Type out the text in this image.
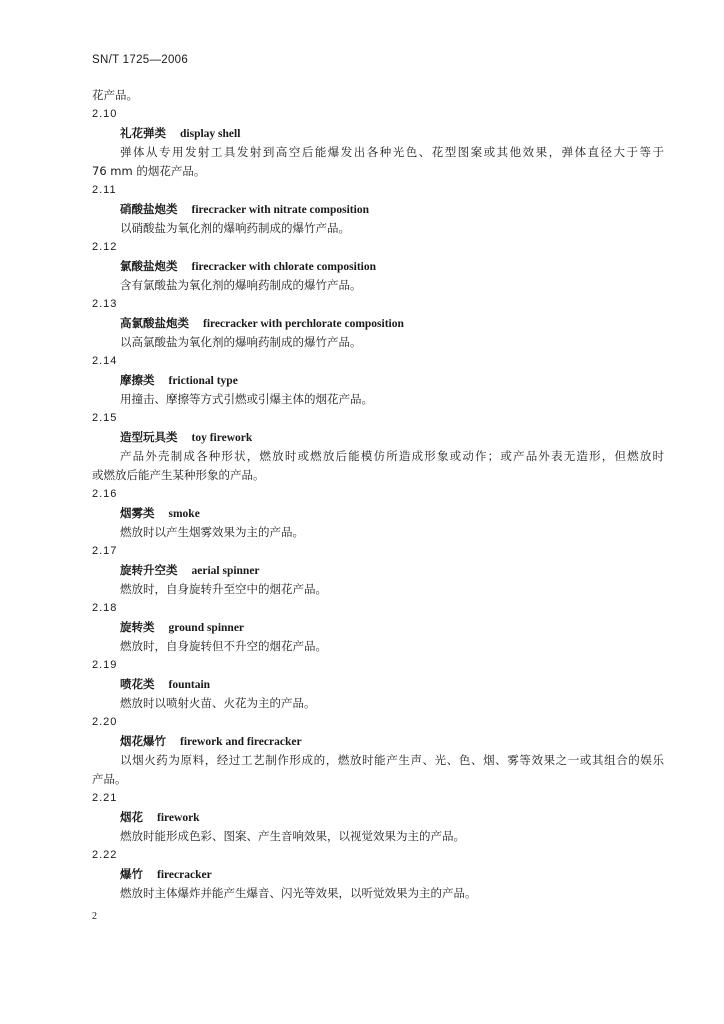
SN/T 1725—2006
花产品。
2.10
礼花弹类 display shell
弹体从专用发射工具发射到高空后能爆发出各种光色、花型图案或其他效果，弹体直径大于等于
76 mm 的烟花产品。
2.11
硝酸盐炮类 firecracker with nitrate composition
以硝酸盐为氧化剂的爆响药制成的爆竹产品。
2.12
氯酸盐炮类 firecracker with chlorate composition
含有氯酸盐为氧化剂的爆响药制成的爆竹产品。
2.13
高氯酸盐炮类 firecracker with perchlorate composition
以高氯酸盐为氧化剂的爆响药制成的爆竹产品。
2.14
摩擦类 frictional type
用撞击、摩擦等方式引燃或引爆主体的烟花产品。
2.15
造型玩具类 toy firework
产品外壳制成各种形状，燃放时或燃放后能模仿所造成形象或动作；或产品外表无造形，但燃放时
或燃放后能产生某种形象的产品。
2.16
烟雾类 smoke
燃放时以产生烟雾效果为主的产品。
2.17
旋转升空类 aerial spinner
燃放时，自身旋转升至空中的烟花产品。
2.18
旋转类 ground spinner
燃放时，自身旋转但不升空的烟花产品。
2.19
喷花类 fountain
燃放时以喷射火苗、火花为主的产品。
2.20
烟花爆竹 firework and firecracker
以烟火药为原料，经过工艺制作形成的，燃放时能产生声、光、色、烟、雾等效果之一或其组合的娱乐
产品。
2.21
烟花 firework
燃放时能形成色彩、图案、产生音响效果，以视觉效果为主的产品。
2.22
爆竹 firecracker
燃放时主体爆炸并能产生爆音、闪光等效果，以听觉效果为主的产品。
2
